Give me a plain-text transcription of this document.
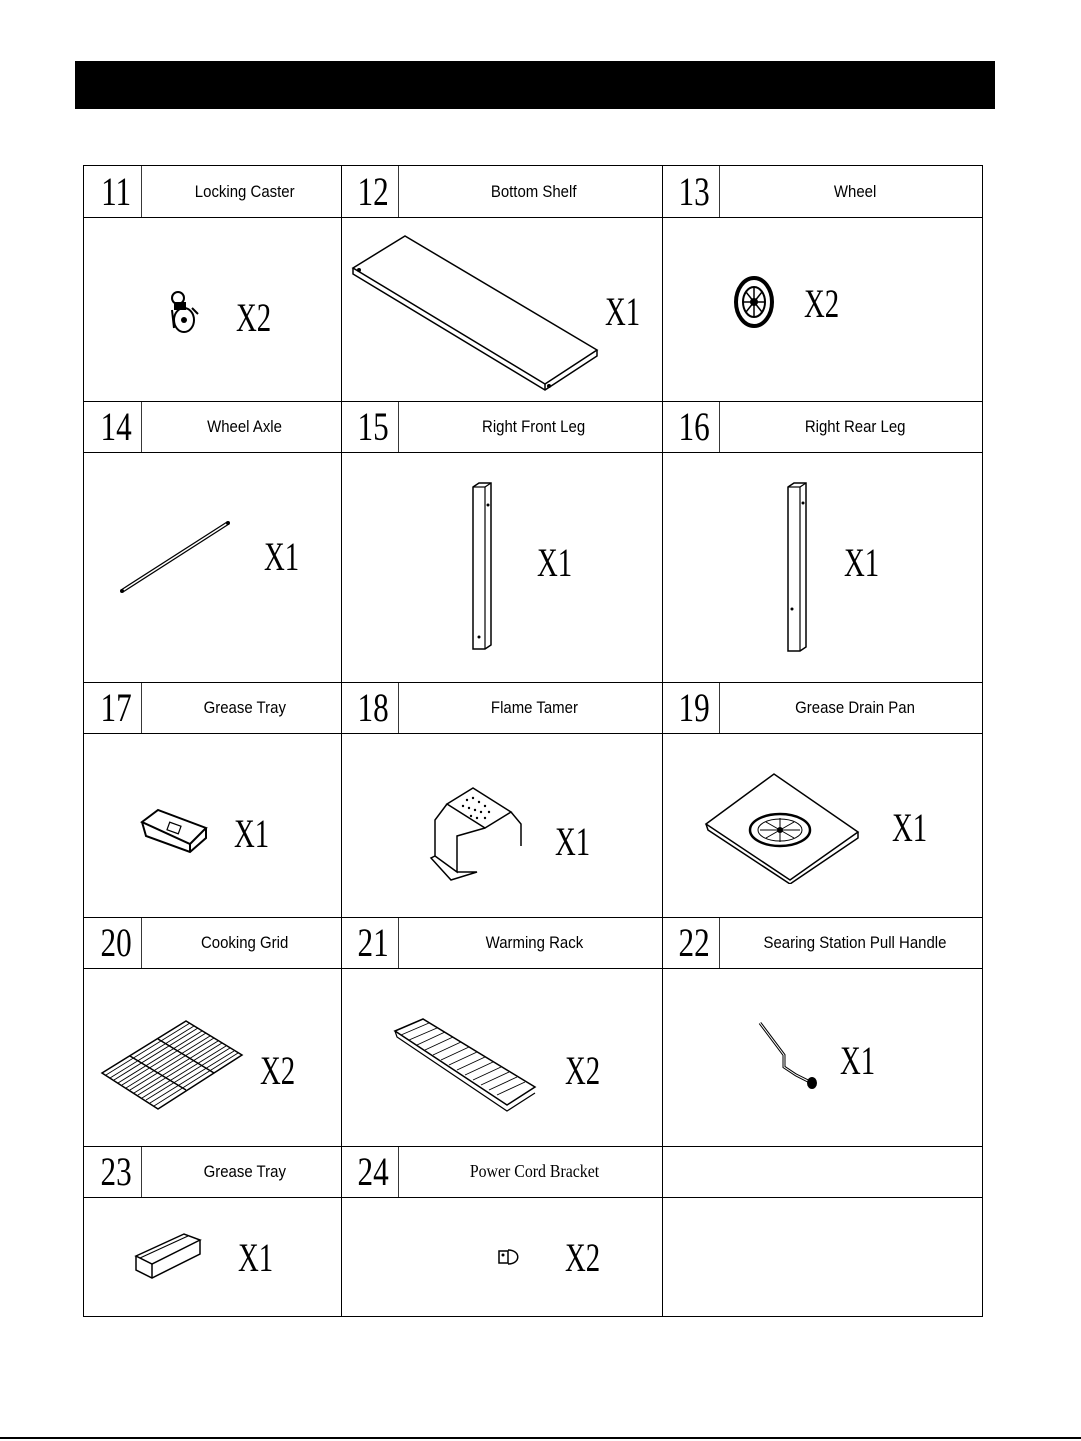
11	Locking Caster
X2
12	Bottom Shelf
X1
13	Wheel
X2
14	Wheel Axle
X1
15	Right Front Leg
X1
16	Right Rear Leg
X1
17	Grease Tray
X1
18	Flame Tamer
X1
19	Grease Drain Pan
X1
20	Cooking Grid
X2
21	Warming Rack
X2
22	Searing Station Pull Handle
X1
23	Grease Tray
X1
24	Power Cord Bracket
X2
